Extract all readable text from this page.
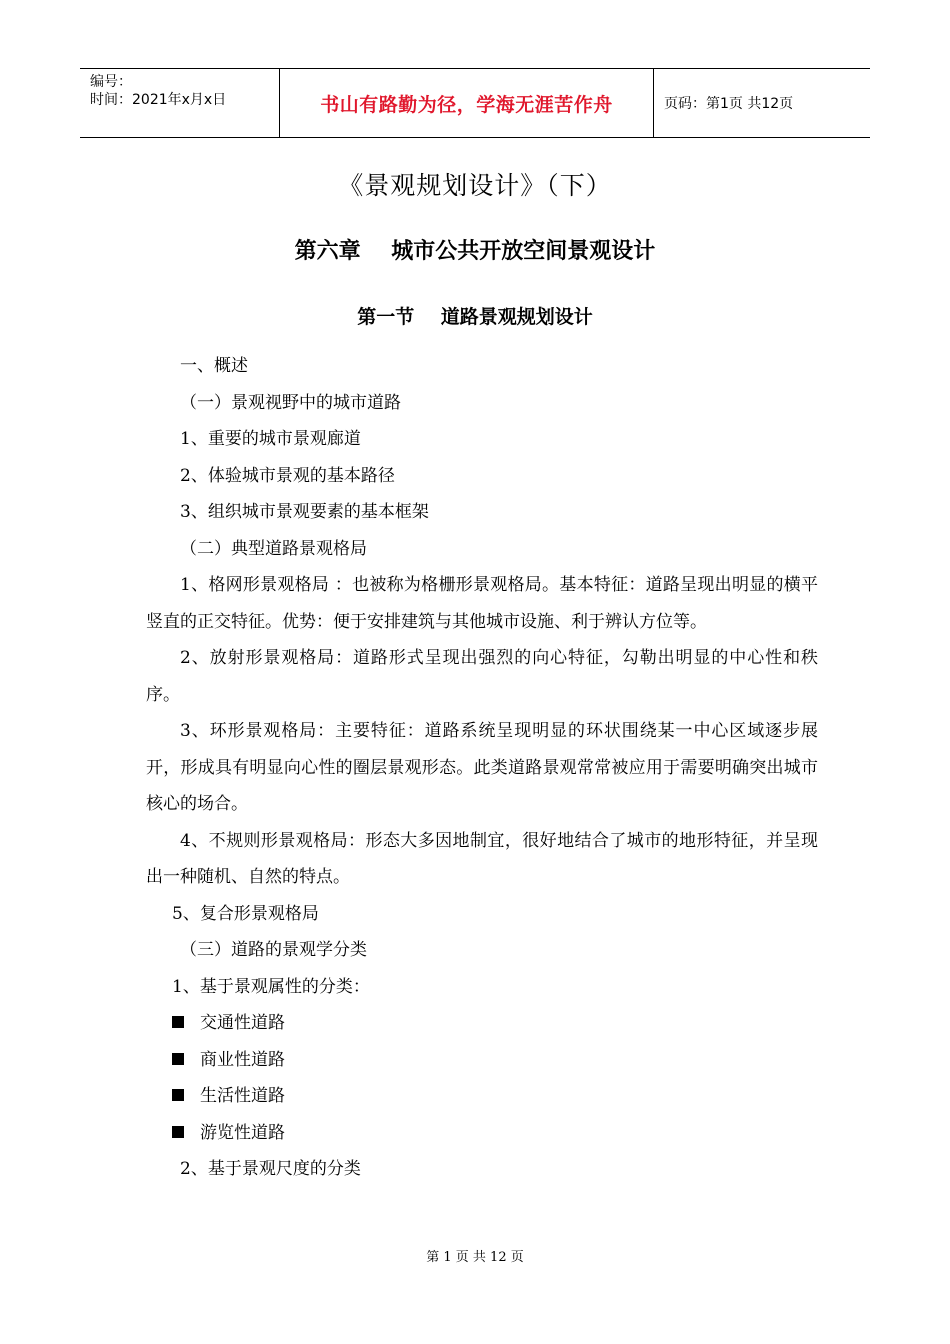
编号：
时间：2021年x月x日	书山有路勤为径，学海无涯苦作舟	页码：第1页 共12页
《景观规划设计》（下）
第六章    城市公共开放空间景观设计
第一节    道路景观规划设计

一、概述

（一）景观视野中的城市道路

1、重要的城市景观廊道

2、体验城市景观的基本路径

3、组织城市景观要素的基本框架

（二）典型道路景观格局

1、格网形景观格局 ：也被称为格栅形景观格局。基本特征：道路呈现出明显的横平竖直的正交特征。优势：便于安排建筑与其他城市设施、利于辨认方位等。

2、放射形景观格局：道路形式呈现出强烈的向心特征，勾勒出明显的中心性和秩序。

3、环形景观格局：主要特征：道路系统呈现明显的环状围绕某一中心区域逐步展开，形成具有明显向心性的圈层景观形态。此类道路景观常常被应用于需要明确突出城市核心的场合。

4、不规则形景观格局：形态大多因地制宜，很好地结合了城市的地形特征，并呈现出一种随机、自然的特点。

5、复合形景观格局

（三）道路的景观学分类

1、基于景观属性的分类：

交通性道路

商业性道路

生活性道路

游览性道路

2、基于景观尺度的分类

第 1 页 共 12 页
